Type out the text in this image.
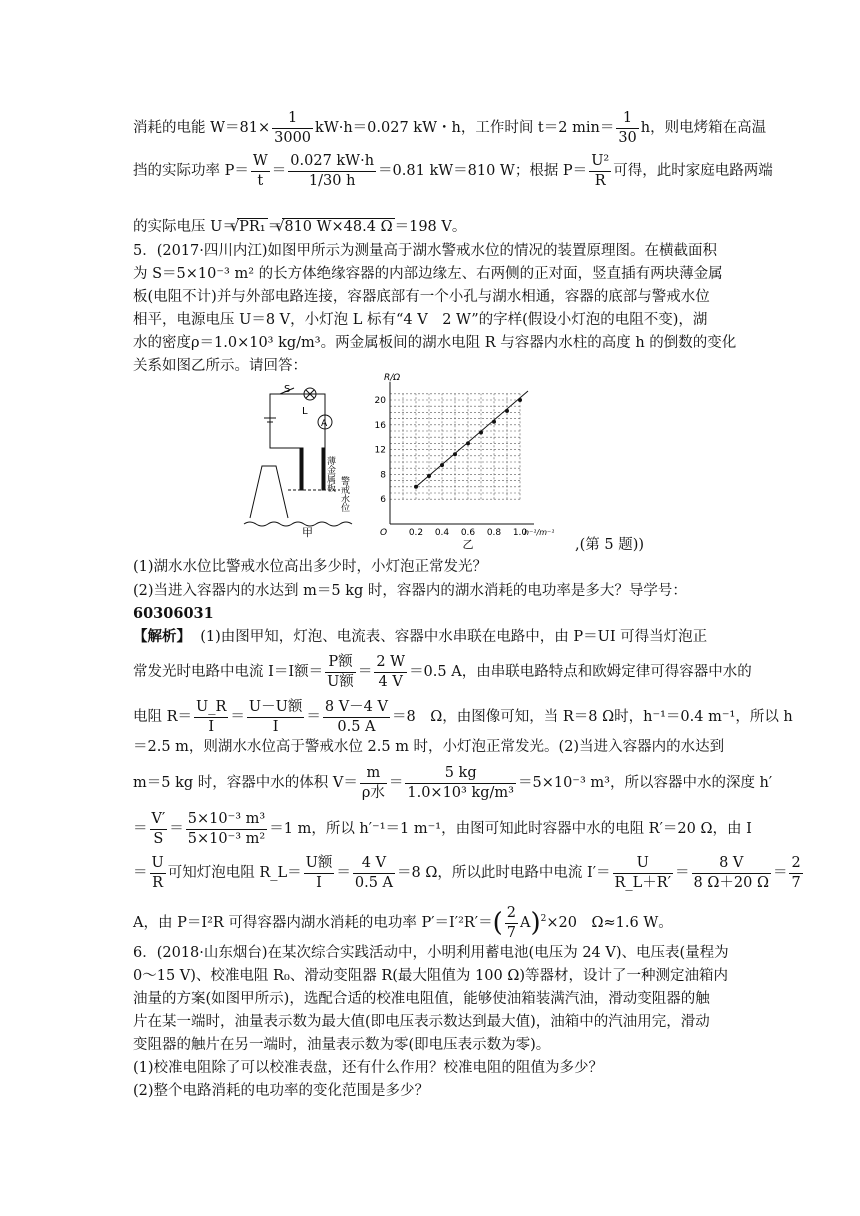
消耗的电能 $W=81\times \frac{1}{3000} kW\cdot h=0.027$ kW・h，工作时间 t＝2 $\min= \frac{1}{30}$ h，则电烤箱在高温
挡的实际功率 $P= \frac{W}{t} = \frac{0.027 kW\cdot h}{1/30 h} =0.81$ kW＝810 W；根据 $P= \frac{\text{U²}}{R}$ 可得，此时家庭电路两端
的实际电压 U＝ √ PR₁ ＝ √ 810 W×48.4 Ω ＝198 V。
5．(2017·四川内江)如图甲所示为测量高于湖水警戒水位的情况的装置原理图。在横截面积
为 S＝5×10⁻³ m² 的长方体绝缘容器的内部边缘左、右两侧的正对面，竖直插有两块薄金属
板(电阻不计)并与外部电路连接，容器底部有一个小孔与湖水相通，容器的底部与警戒水位
相平，电源电压 U＝8 V，小灯泡 L 标有“4 V　2 W”的字样(假设小灯泡的电阻不变)，湖
水的密度ρ＝1.0×10³ kg/m³。两金属板间的湖水电阻 R 与容器内水柱的高度 h 的倒数的变化
关系如图乙所示。请回答：
S
L
A
薄金属板
警戒水位
甲
6
8
12
16
20
0.2 0.4 0.6 0.8 1.0
O
R/Ω
h⁻¹/m⁻¹
乙	,(第 5 题))
(1)湖水水位比警戒水位高出多少时，小灯泡正常发光？
(2)当进入容器内的水达到 m＝5 kg 时，容器内的湖水消耗的电功率是多大？导学号：
60306031
【解析】 (1)由图甲知，灯泡、电流表、容器中水串联在电路中，由 P＝UI 可得当灯泡正
常发光时电路中电流 I＝I额＝ $\frac{\text{P额}}{\text{U额}} = \frac{2 W}{4 V} =0.5$ A，由串联电路特点和欧姆定律可得容器中水的
电阻 $R= \frac{U\_R}{I} = \frac{\text{U－U额}}{I} = \frac{8 V-4 V}{0.5 A} =8$　Ω，由图像可知，当 R＝8 Ω时，h⁻¹＝0.4 m⁻¹，所以 h
＝2.5 m，则湖水水位高于警戒水位 2.5 m 时，小灯泡正常发光。(2)当进入容器内的水达到
m＝5 kg 时，容器中水的体积 $V= \frac{m}{\text{ρ水}} = \frac{5 kg}{\text{1.0×10³ kg/m³}} =5\times 10^{-3}$ m³，所以容器中水的深度 h′
＝ $\frac{V'}{S} = \frac{\text{5×10⁻³ m³}}{\text{5×10⁻³ m²}} =1$ m，所以 h′⁻¹＝1 m⁻¹，由图可知此时容器中水的电阻 R′＝20 Ω，由 I
＝ $\frac{U}{R}$ 可知灯泡电阻 R_L＝ $\frac{\text{U额}}{I} = \frac{4 V}{0.5 A} =8$ Ω，所以此时电路中电流 $I'= \frac{U}{R\_L+R'} = \frac{8 V}{8 \Omega+20 \Omega} = \frac{2}{7}$
A，由 P＝I²R 可得容器内湖水消耗的电功率 $P'=I'^2R'=( \frac{2}{7} A)^2\times 20$　Ω≈1.6 W。
6．(2018·山东烟台)在某次综合实践活动中，小明利用蓄电池(电压为 24 V)、电压表(量程为
0～15 V)、校准电阻 R₀、滑动变阻器 R(最大阻值为 100 Ω)等器材，设计了一种测定油箱内
油量的方案(如图甲所示)，选配合适的校准电阻值，能够使油箱装满汽油，滑动变阻器的触
片在某一端时，油量表示数为最大值(即电压表示数达到最大值)，油箱中的汽油用完，滑动
变阻器的触片在另一端时，油量表示数为零(即电压表示数为零)。
(1)校准电阻除了可以校准表盘，还有什么作用？校准电阻的阻值为多少？
(2)整个电路消耗的电功率的变化范围是多少？
